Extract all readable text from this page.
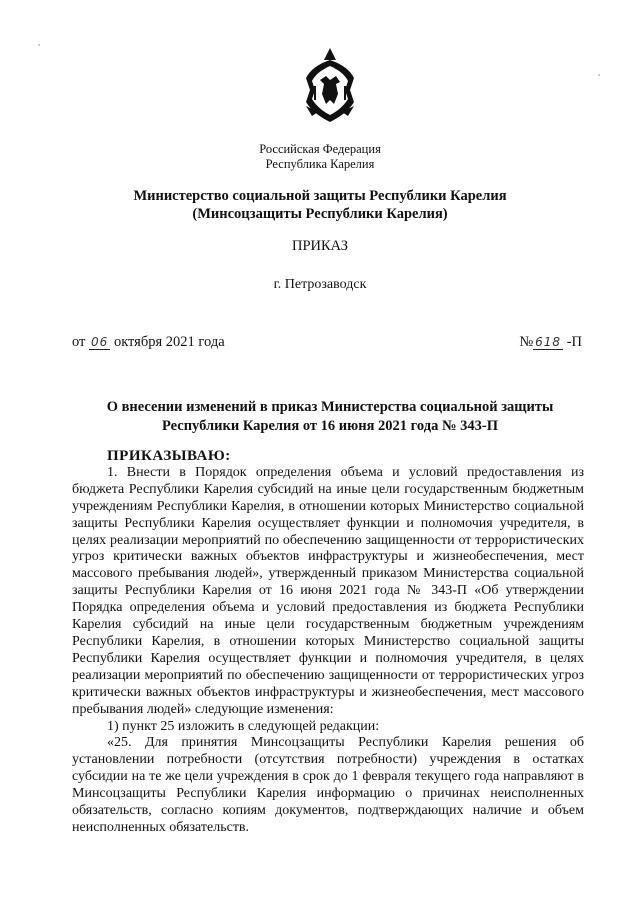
Российская Федерация
Республика Карелия
Министерство социальной защиты Республики Карелия
(Минсоцзащиты Республики Карелия)
ПРИКАЗ
г. Петрозаводск
от 06 октября 2021 года	№ 618 -П
О внесении изменений в приказ Министерства социальной защиты Республики Карелия от 16 июня 2021 года № 343-П

ПРИКАЗЫВАЮ:

1. Внести в Порядок определения объема и условий предоставления из бюджета Республики Карелия субсидий на иные цели государственным бюджетным учреждениям Республики Карелия, в отношении которых Министерство социальной защиты Республики Карелия осуществляет функции и полномочия учредителя, в целях реализации мероприятий по обеспечению защищенности от террористических угроз критически важных объектов инфраструктуры и жизнеобеспечения, мест массового пребывания людей», утвержденный приказом Министерства социальной защиты Республики Карелия от 16 июня 2021 года № 343-П «Об утверждении Порядка определения объема и условий предоставления из бюджета Республики Карелия субсидий на иные цели государственным бюджетным учреждениям Республики Карелия, в отношении которых Министерство социальной защиты Республики Карелия осуществляет функции и полномочия учредителя, в целях реализации мероприятий по обеспечению защищенности от террористических угроз критически важных объектов инфраструктуры и жизнеобеспечения, мест массового пребывания людей» следующие изменения:

1) пункт 25 изложить в следующей редакции:

«25. Для принятия Минсоцзащиты Республики Карелия решения об установлении потребности (отсутствия потребности) учреждения в остатках субсидии на те же цели учреждения в срок до 1 февраля текущего года направляют в Минсоцзащиты Республики Карелия информацию о причинах неисполненных обязательств, согласно копиям документов, подтверждающих наличие и объем неисполненных обязательств.
